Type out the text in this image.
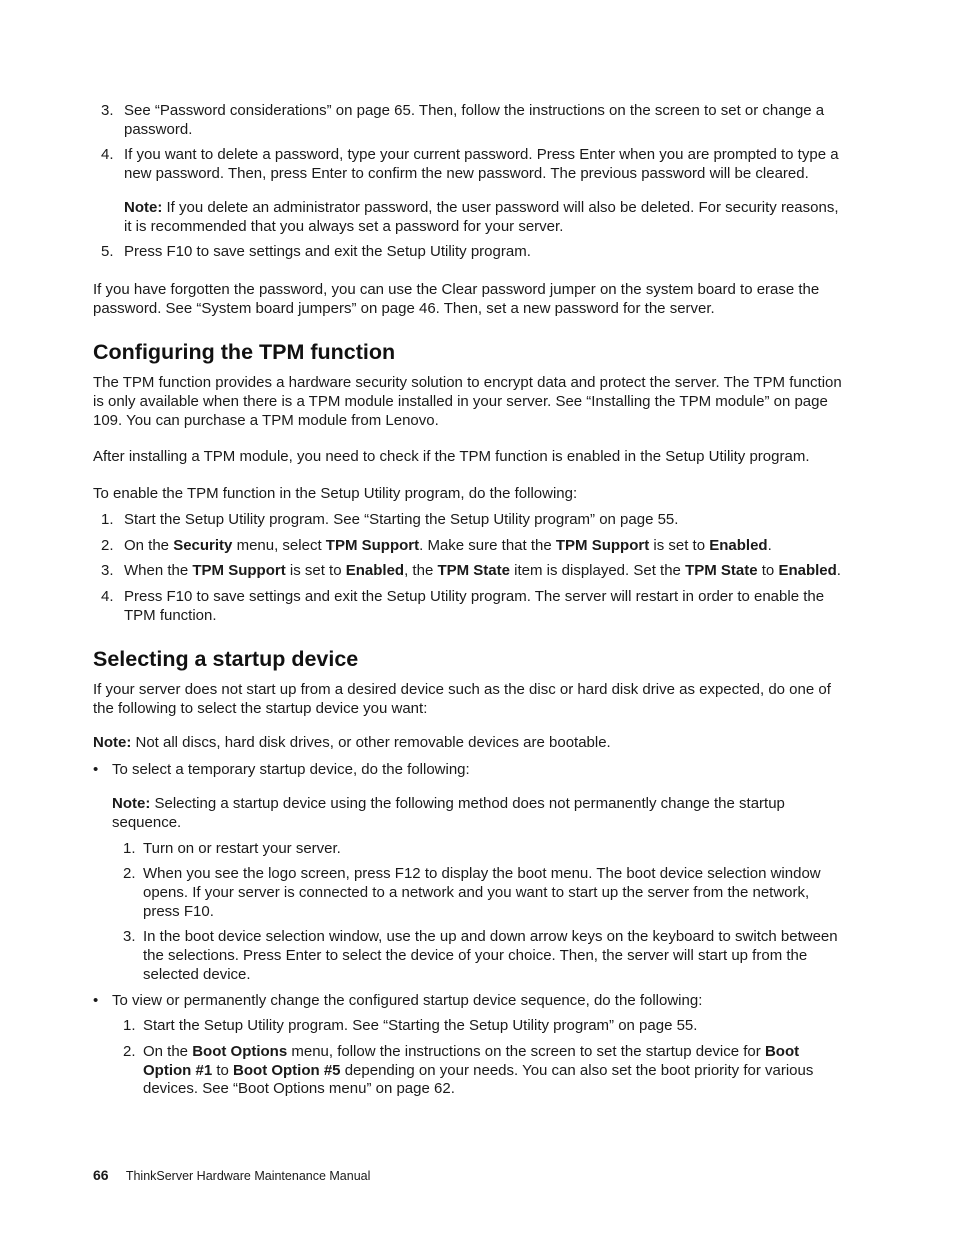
3. See “Password considerations” on page 65. Then, follow the instructions on the screen to set or change a password.

4. If you want to delete a password, type your current password. Press Enter when you are prompted to type a new password. Then, press Enter to confirm the new password. The previous password will be cleared.

Note: If you delete an administrator password, the user password will also be deleted. For security reasons, it is recommended that you always set a password for your server.

5. Press F10 to save settings and exit the Setup Utility program.

If you have forgotten the password, you can use the Clear password jumper on the system board to erase the password. See “System board jumpers” on page 46. Then, set a new password for the server.

Configuring the TPM function

The TPM function provides a hardware security solution to encrypt data and protect the server. The TPM function is only available when there is a TPM module installed in your server. See “Installing the TPM module” on page 109. You can purchase a TPM module from Lenovo.

After installing a TPM module, you need to check if the TPM function is enabled in the Setup Utility program.

To enable the TPM function in the Setup Utility program, do the following:

1. Start the Setup Utility program. See “Starting the Setup Utility program” on page 55.

2. On the Security menu, select TPM Support. Make sure that the TPM Support is set to Enabled.

3. When the TPM Support is set to Enabled, the TPM State item is displayed. Set the TPM State to Enabled.

4. Press F10 to save settings and exit the Setup Utility program. The server will restart in order to enable the TPM function.

Selecting a startup device

If your server does not start up from a desired device such as the disc or hard disk drive as expected, do one of the following to select the startup device you want:

Note: Not all discs, hard disk drives, or other removable devices are bootable.

• To select a temporary startup device, do the following:

Note: Selecting a startup device using the following method does not permanently change the startup sequence.

1. Turn on or restart your server.

2. When you see the logo screen, press F12 to display the boot menu. The boot device selection window opens. If your server is connected to a network and you want to start up the server from the network, press F10.

3. In the boot device selection window, use the up and down arrow keys on the keyboard to switch between the selections. Press Enter to select the device of your choice. Then, the server will start up from the selected device.

• To view or permanently change the configured startup device sequence, do the following:

1. Start the Setup Utility program. See “Starting the Setup Utility program” on page 55.

2. On the Boot Options menu, follow the instructions on the screen to set the startup device for Boot Option #1 to Boot Option #5 depending on your needs. You can also set the boot priority for various devices. See “Boot Options menu” on page 62.

66 ThinkServer Hardware Maintenance Manual
